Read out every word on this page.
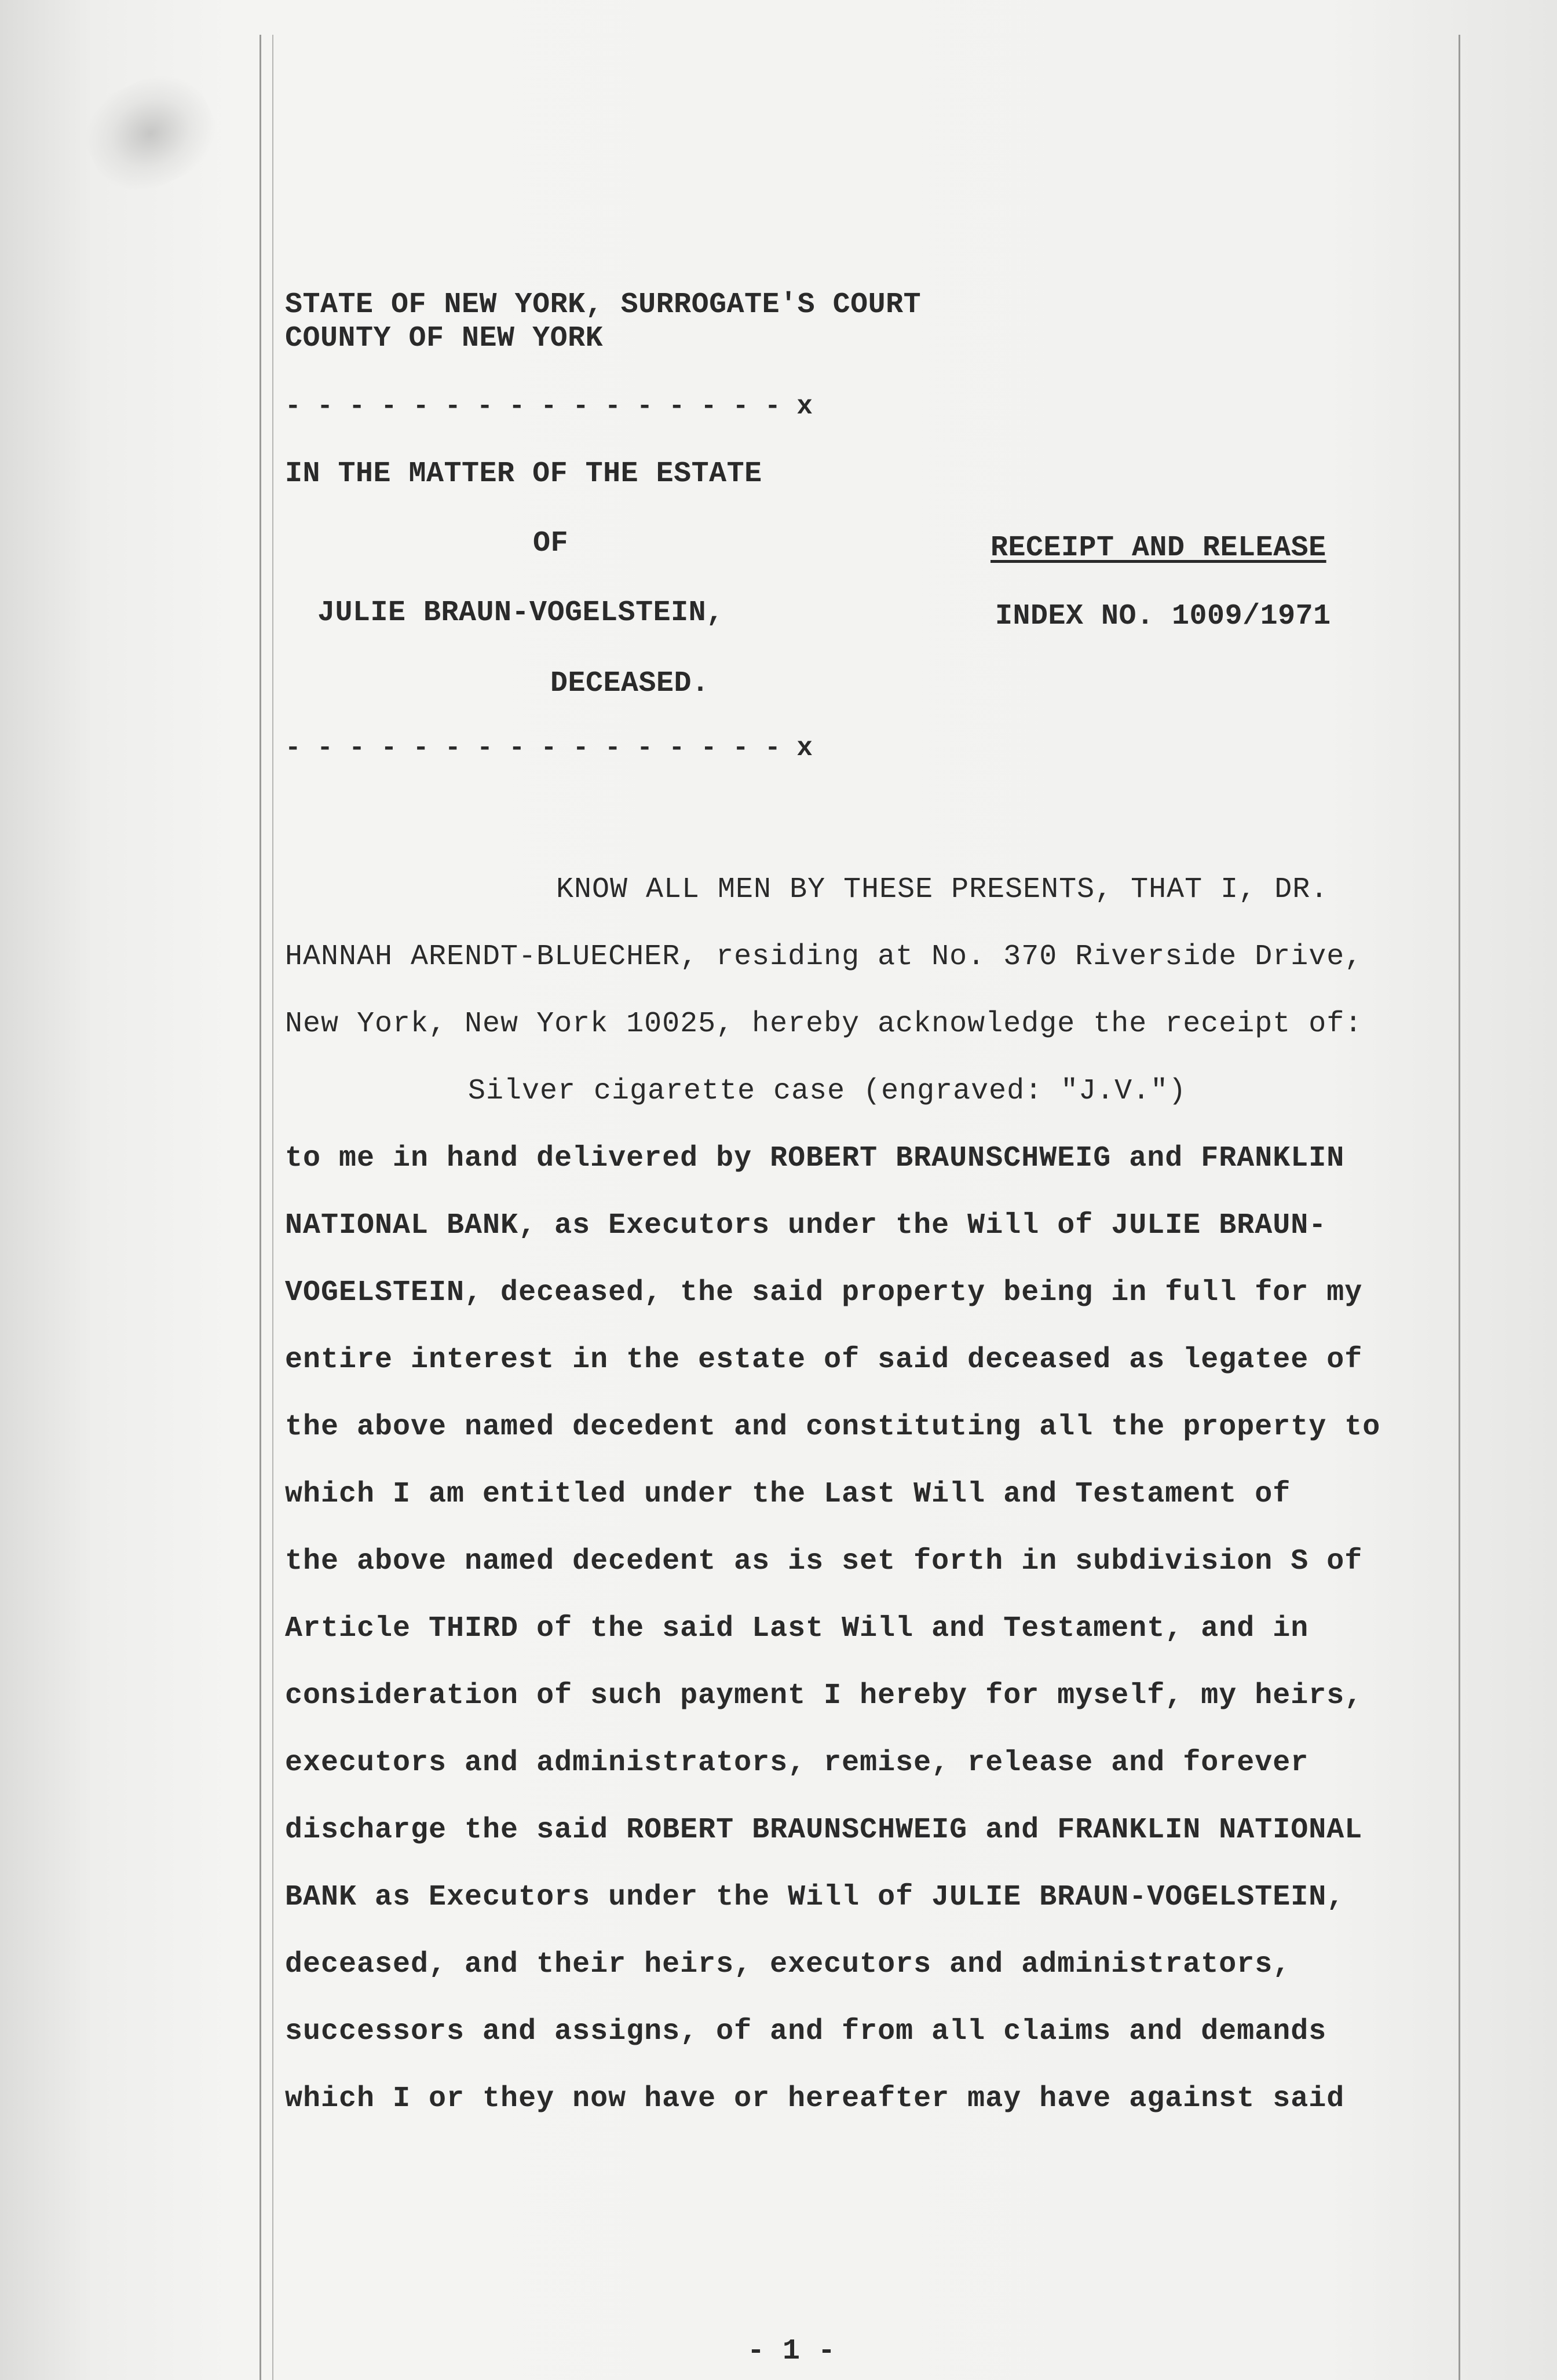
STATE OF NEW YORK, SURROGATE'S COURT
COUNTY OF NEW YORK
- - - - - - - - - - - - - - - - x
IN THE MATTER OF THE ESTATE
OF
JULIE BRAUN-VOGELSTEIN,
DECEASED.
- - - - - - - - - - - - - - - - x
RECEIPT AND RELEASE
INDEX NO. 1009/1971
KNOW ALL MEN BY THESE PRESENTS, THAT I, DR.
HANNAH ARENDT-BLUECHER, residing at No. 370 Riverside Drive,
New York, New York 10025, hereby acknowledge the receipt of:
Silver cigarette case (engraved: "J.V.")
to me in hand delivered by ROBERT BRAUNSCHWEIG and FRANKLIN
NATIONAL BANK, as Executors under the Will of JULIE BRAUN-
VOGELSTEIN, deceased, the said property being in full for my
entire interest in the estate of said deceased as legatee of
the above named decedent and constituting all the property to
which I am entitled under the Last Will and Testament of
the above named decedent as is set forth in subdivision S of
Article THIRD of the said Last Will and Testament, and in
consideration of such payment I hereby for myself, my heirs,
executors and administrators, remise, release and forever
discharge the said ROBERT BRAUNSCHWEIG and FRANKLIN NATIONAL
BANK as Executors under the Will of JULIE BRAUN-VOGELSTEIN,
deceased, and their heirs, executors and administrators,
successors and assigns, of and from all claims and demands
which I or they now have or hereafter may have against said
- 1 -
